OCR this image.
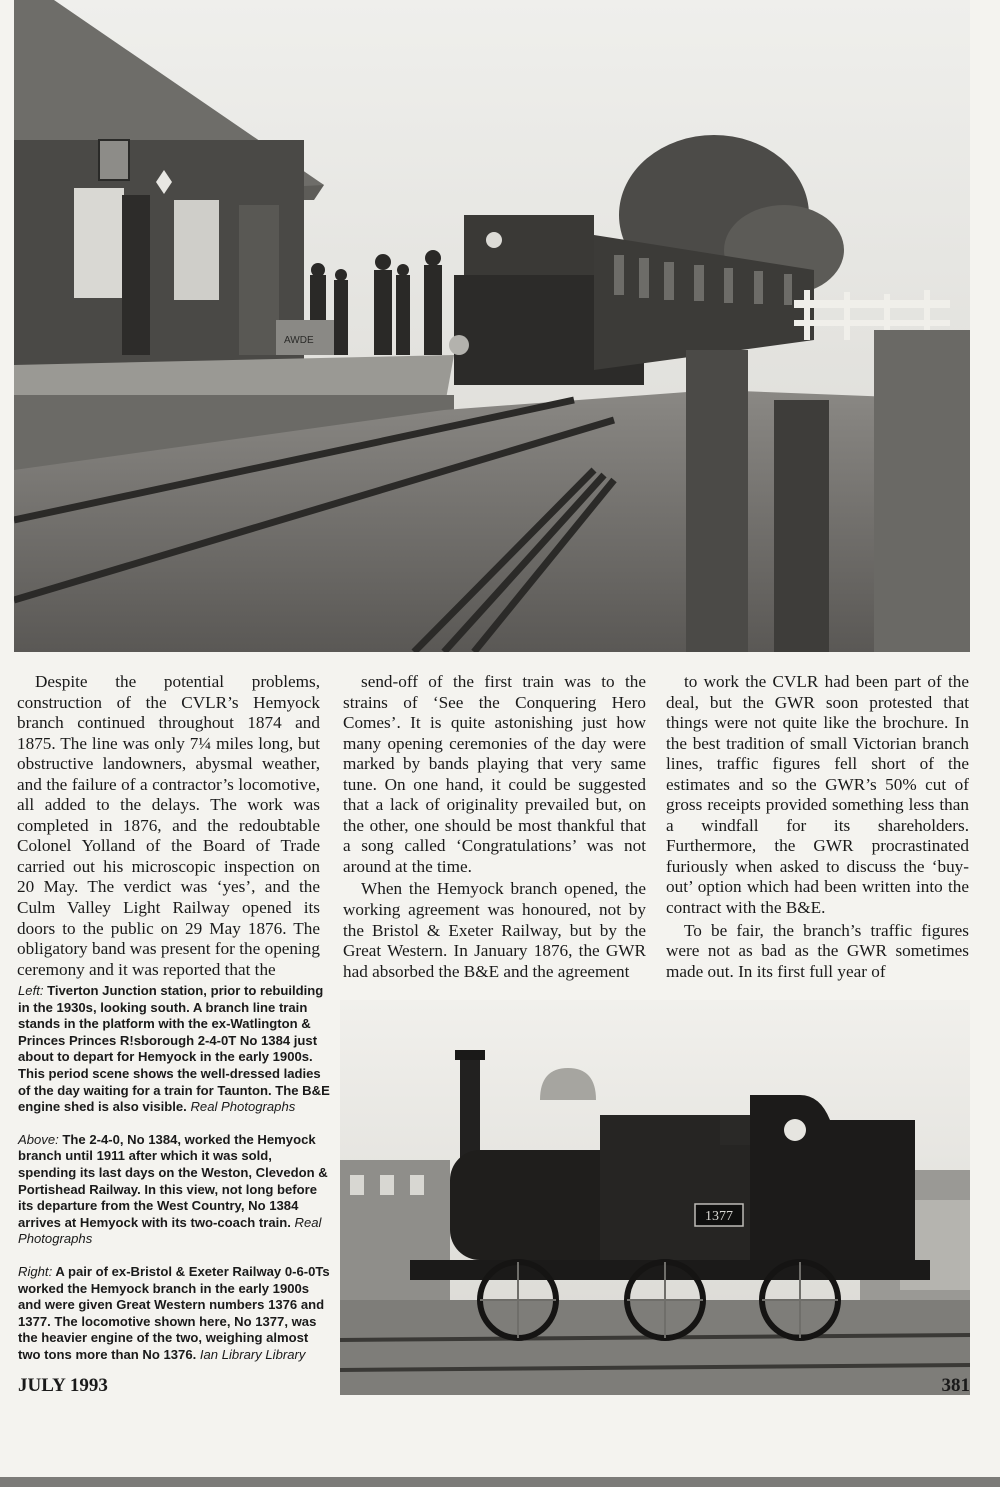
AWDE

Despite the potential problems, construction of the CVLR’s Hemyock branch continued throughout 1874 and 1875. The line was only 7¼ miles long, but obstructive landowners, abysmal weather, and the failure of a contractor’s locomotive, all added to the delays. The work was completed in 1876, and the redoubtable Colonel Yolland of the Board of Trade carried out his microscopic inspection on 20 May. The verdict was ‘yes’, and the Culm Valley Light Railway opened its doors to the public on 29 May 1876. The obligatory band was present for the opening ceremony and it was reported that the

send-off of the first train was to the strains of ‘See the Conquering Hero Comes’. It is quite astonishing just how many opening ceremonies of the day were marked by bands playing that very same tune. On one hand, it could be suggested that a lack of originality prevailed but, on the other, one should be most thankful that a song called ‘Congratulations’ was not around at the time.

When the Hemyock branch opened, the working agreement was honoured, not by the Bristol & Exeter Railway, but by the Great Western. In January 1876, the GWR had absorbed the B&E and the agreement

to work the CVLR had been part of the deal, but the GWR soon protested that things were not quite like the brochure. In the best tradition of small Victorian branch lines, traffic figures fell short of the estimates and so the GWR’s 50% cut of gross receipts provided something less than a windfall for its shareholders. Furthermore, the GWR procrastinated furiously when asked to discuss the ‘buy-out’ option which had been written into the contract with the B&E.

To be fair, the branch’s traffic figures were not as bad as the GWR sometimes made out. In its first full year of

Left: Tiverton Junction station, prior to rebuilding in the 1930s, looking south. A branch line train stands in the platform with the ex-Watlington & Princes Princes R!sborough 2-4-0T No 1384 just about to depart for Hemyock in the early 1900s. This period scene shows the well-dressed ladies of the day waiting for a train for Taunton. The B&E engine shed is also visible. Real Photographs

Above: The 2-4-0, No 1384, worked the Hemyock branch until 1911 after which it was sold, spending its last days on the Weston, Clevedon & Portishead Railway. In this view, not long before its departure from the West Country, No 1384 arrives at Hemyock with its two-coach train. Real Photographs

Right: A pair of ex-Bristol & Exeter Railway 0-6-0Ts worked the Hemyock branch in the early 1900s and were given Great Western numbers 1376 and 1377. The locomotive shown here, No 1377, was the heavier engine of the two, weighing almost two tons more than No 1376. Ian Library Library

1377
JULY 1993	381
